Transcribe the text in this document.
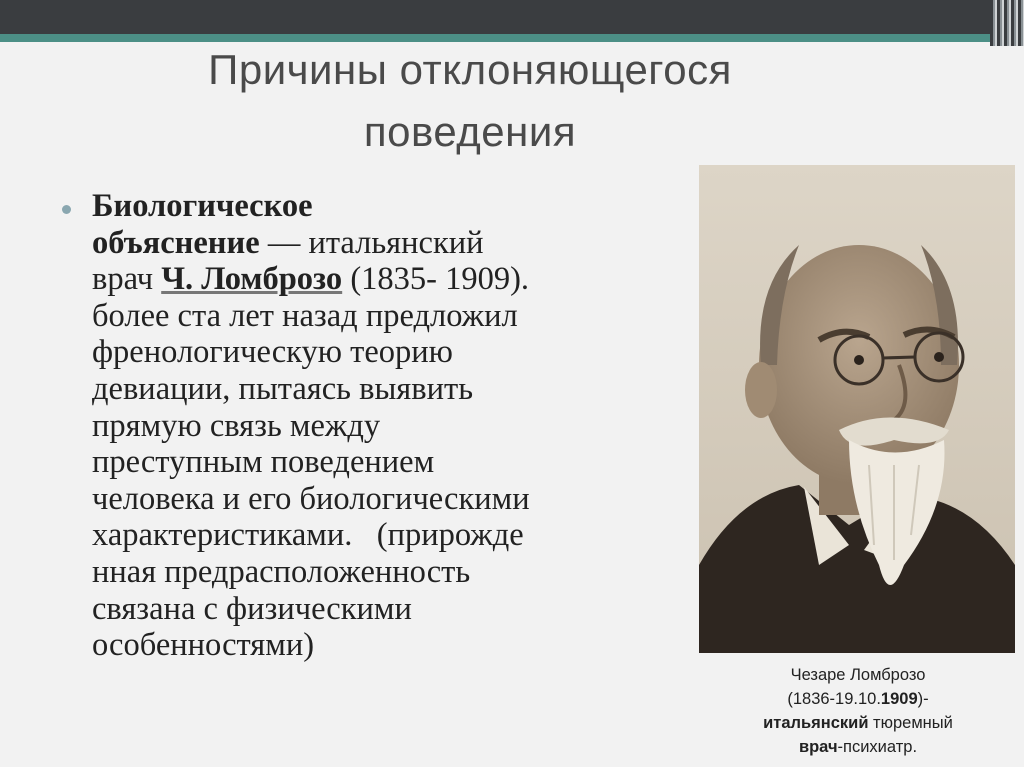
Причины отклоняющегося
поведения
Биологическое
объяснение — итальянский
врач Ч. Ломброзо (1835- 1909).
более ста лет назад предложил
френологическую теорию
девиации, пытаясь выявить
прямую связь между
преступным поведением
человека и его биологическими
характеристиками.   (прирожде
нная предрасположенность
связана с физическими
особенностями)
Чезаре Ломброзо
(1836-19.10.1909)-
итальянский тюремный
врач-психиатр.
